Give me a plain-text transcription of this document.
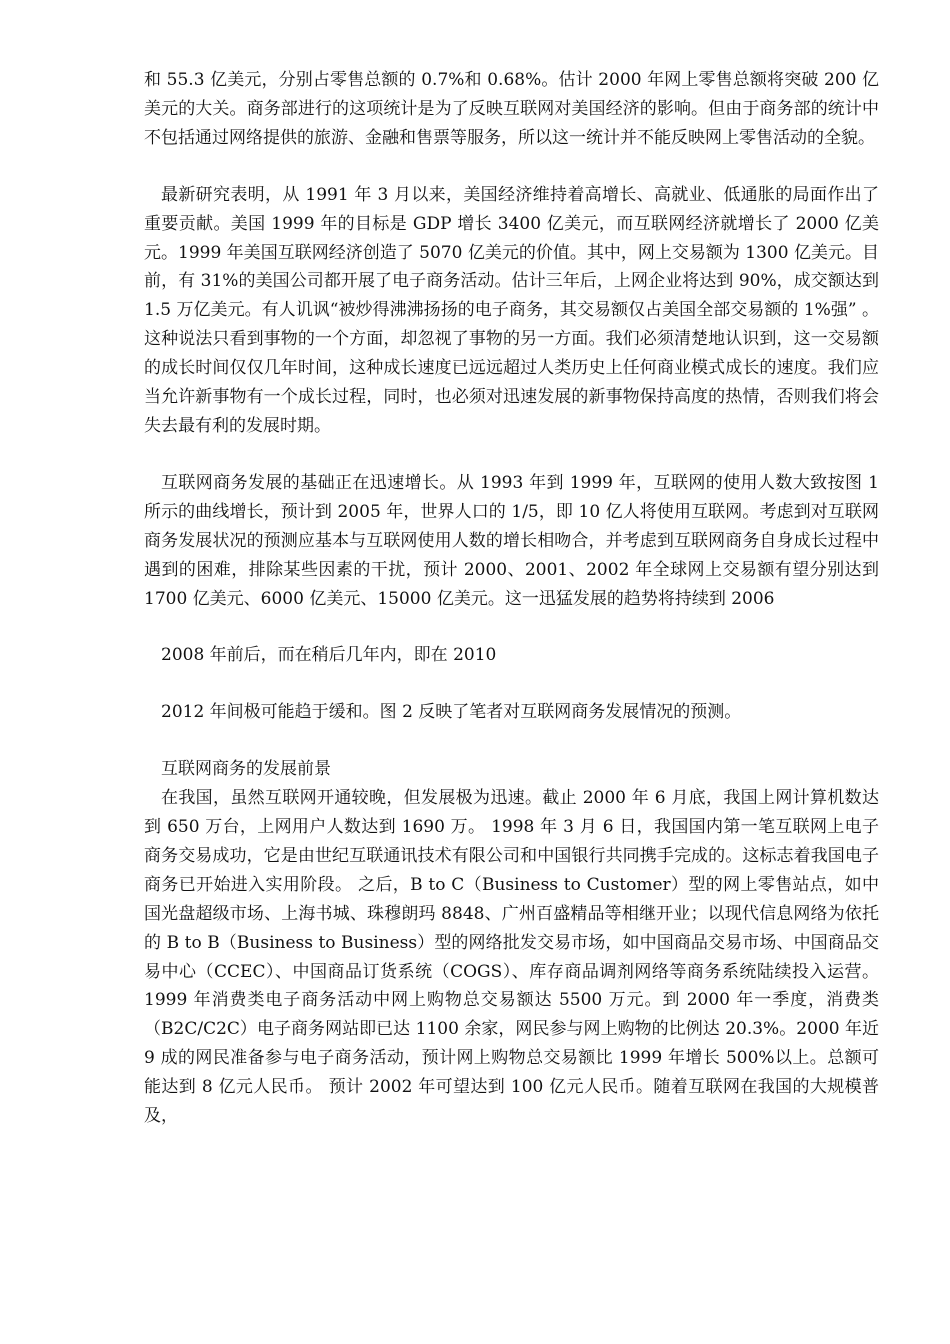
和 55.3 亿美元，分别占零售总额的 0.7%和 0.68%。估计 2000 年网上零售总额将突破 200 亿美元的大关。商务部进行的这项统计是为了反映互联网对美国经济的影响。但由于商务部的统计中不包括通过网络提供的旅游、金融和售票等服务，所以这一统计并不能反映网上零售活动的全貌。

最新研究表明，从 1991 年 3 月以来，美国经济维持着高增长、高就业、低通胀的局面作出了重要贡献。美国 1999 年的目标是 GDP 增长 3400 亿美元，而互联网经济就增长了 2000 亿美元。1999 年美国互联网经济创造了 5070 亿美元的价值。其中，网上交易额为 1300 亿美元。目前，有 31%的美国公司都开展了电子商务活动。估计三年后，上网企业将达到 90%，成交额达到 1.5 万亿美元。有人讥讽“被炒得沸沸扬扬的电子商务，其交易额仅占美国全部交易额的 1%强” 。这种说法只看到事物的一个方面，却忽视了事物的另一方面。我们必须清楚地认识到，这一交易额的成长时间仅仅几年时间，这种成长速度已远远超过人类历史上任何商业模式成长的速度。我们应当允许新事物有一个成长过程，同时，也必须对迅速发展的新事物保持高度的热情，否则我们将会失去最有利的发展时期。

互联网商务发展的基础正在迅速增长。从 1993 年到 1999 年，互联网的使用人数大致按图 1 所示的曲线增长，预计到 2005 年，世界人口的 1/5，即 10 亿人将使用互联网。考虑到对互联网商务发展状况的预测应基本与互联网使用人数的增长相吻合，并考虑到互联网商务自身成长过程中遇到的困难，排除某些因素的干扰，预计 2000、2001、2002 年全球网上交易额有望分别达到 1700 亿美元、6000 亿美元、15000 亿美元。这一迅猛发展的趋势将持续到 2006

2008 年前后，而在稍后几年内，即在 2010

2012 年间极可能趋于缓和。图 2 反映了笔者对互联网商务发展情况的预测。

互联网商务的发展前景

在我国，虽然互联网开通较晚，但发展极为迅速。截止 2000 年 6 月底，我国上网计算机数达到 650 万台，上网用户人数达到 1690 万。 1998 年 3 月 6 日，我国国内第一笔互联网上电子商务交易成功，它是由世纪互联通讯技术有限公司和中国银行共同携手完成的。这标志着我国电子商务已开始进入实用阶段。 之后，B to C（Business to Customer）型的网上零售站点，如中国光盘超级市场、上海书城、珠穆朗玛 8848、广州百盛精品等相继开业；以现代信息网络为依托的 B to B（Business to Business）型的网络批发交易市场，如中国商品交易市场、中国商品交易中心（CCEC）、中国商品订货系统（COGS）、库存商品调剂网络等商务系统陆续投入运营。1999 年消费类电子商务活动中网上购物总交易额达 5500 万元。到 2000 年一季度，消费类（B2C/C2C）电子商务网站即已达 1100 余家，网民参与网上购物的比例达 20.3%。2000 年近 9 成的网民准备参与电子商务活动，预计网上购物总交易额比 1999 年增长 500%以上。总额可能达到 8 亿元人民币。 预计 2002 年可望达到 100 亿元人民币。随着互联网在我国的大规模普及，
